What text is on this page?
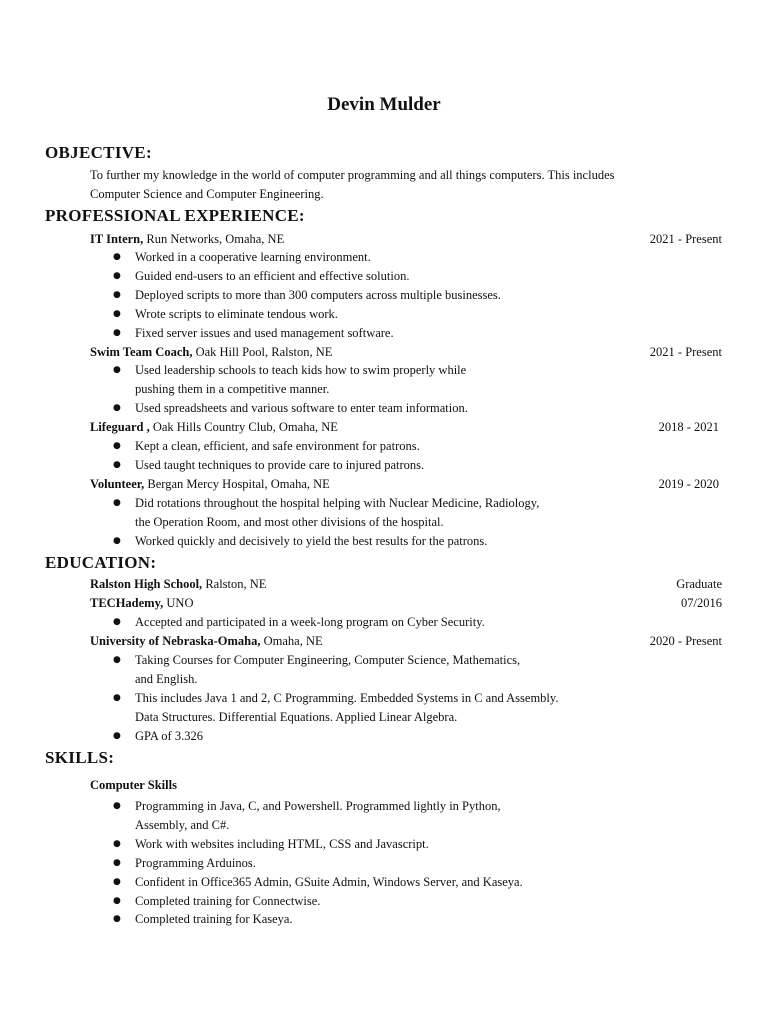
Devin Mulder
OBJECTIVE:
To further my knowledge in the world of computer programming and all things computers. This includes
Computer Science and Computer Engineering.
PROFESSIONAL EXPERIENCE:
IT Intern, Run Networks, Omaha, NE	2021 - Present
● Worked in a cooperative learning environment.
● Guided end-users to an efficient and effective solution.
● Deployed scripts to more than 300 computers across multiple businesses.
● Wrote scripts to eliminate tendous work.
● Fixed server issues and used management software.
Swim Team Coach, Oak Hill Pool, Ralston, NE	2021 - Present
● Used leadership schools to teach kids how to swim properly while
pushing them in a competitive manner.
● Used spreadsheets and various software to enter team information.
Lifeguard , Oak Hills Country Club, Omaha, NE	2018 - 2021
● Kept a clean, efficient, and safe environment for patrons.
● Used taught techniques to provide care to injured patrons.
Volunteer, Bergan Mercy Hospital, Omaha, NE	2019 - 2020
● Did rotations throughout the hospital helping with Nuclear Medicine, Radiology,
the Operation Room, and most other divisions of the hospital.
● Worked quickly and decisively to yield the best results for the patrons.
EDUCATION:
Ralston High School, Ralston, NE	Graduate
TECHademy, UNO	07/2016
● Accepted and participated in a week-long program on Cyber Security.
University of Nebraska-Omaha, Omaha, NE	2020 - Present
● Taking Courses for Computer Engineering, Computer Science, Mathematics,
and English.
● This includes Java 1 and 2, C Programming. Embedded Systems in C and Assembly.
Data Structures. Differential Equations. Applied Linear Algebra.
● GPA of 3.326
SKILLS:
Computer Skills
● Programming in Java, C, and Powershell. Programmed lightly in Python,
Assembly, and C#.
● Work with websites including HTML, CSS and Javascript.
● Programming Arduinos.
● Confident in Office365 Admin, GSuite Admin, Windows Server, and Kaseya.
● Completed training for Connectwise.
● Completed training for Kaseya.
